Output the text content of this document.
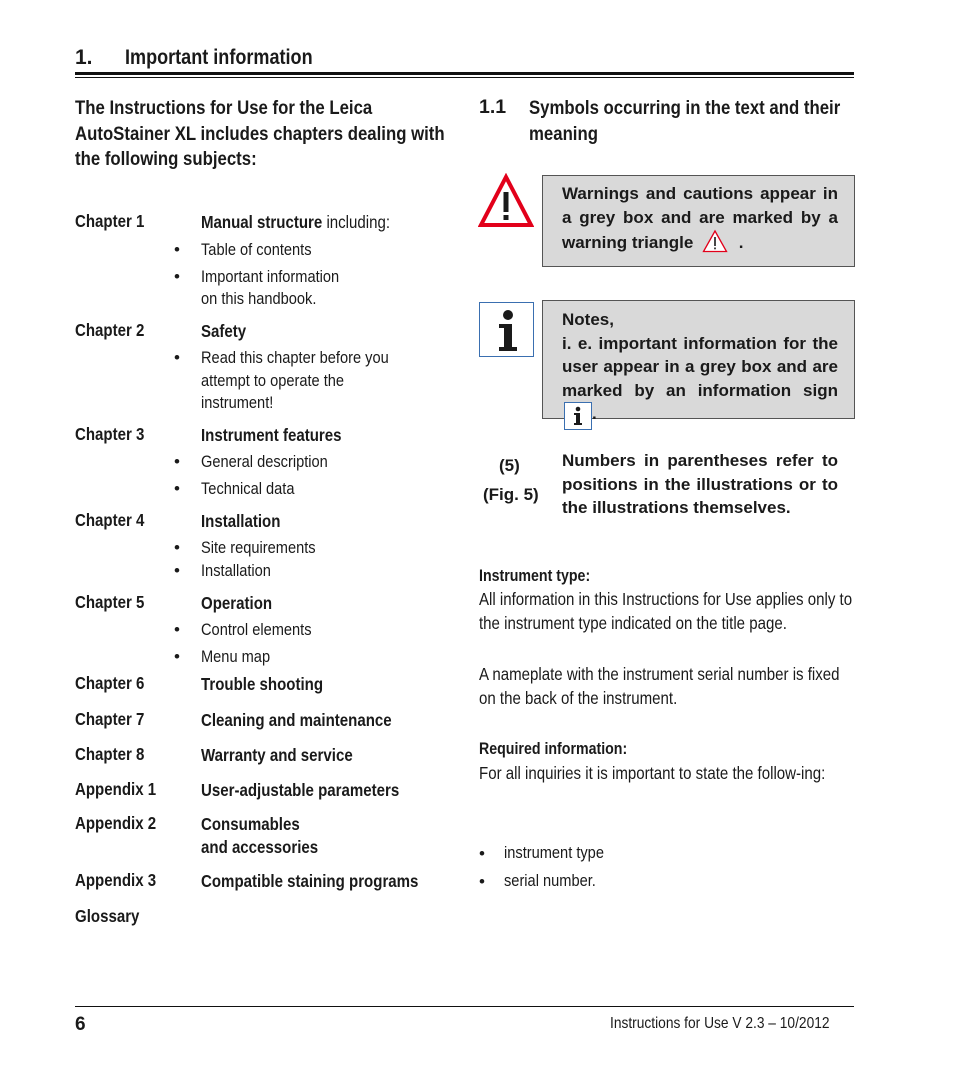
1. Important information
The Instructions for Use for the Leica AutoStainer XL includes chapters dealing with the following subjects:
Chapter 1	Manual structure including:
• Table of contents
• Important information
on this handbook.
Chapter 2	Safety
• Read this chapter before you
attempt to operate the
instrument!
Chapter 3	Instrument features
• General description
• Technical data
Chapter 4	Installation
• Site requirements
• Installation
Chapter 5	Operation
• Control elements
• Menu map
Chapter 6	Trouble shooting
Chapter 7	Cleaning and maintenance
Chapter 8	Warranty and service
Appendix 1	User-adjustable parameters
Appendix 2	Consumables
and accessories
Appendix 3	Compatible staining programs
Glossary
1.1 Symbols occurring in the text and their meaning
Warnings and cautions appear in a grey box and are marked by a warning triangle	.
Notes,
i. e. important information for the user appear in a grey box and are marked by an information sign .
(5)
(Fig. 5)
Numbers in parentheses refer to positions in the illustrations or to the illustrations themselves.
Instrument type:
All information in this Instructions for Use applies only to the instrument type indicated on the title page.
A nameplate with the instrument serial number is fixed on the back of the instrument.
Required information:
For all inquiries it is important to state the follow-ing:
• instrument type
• serial number.
6	Instructions for Use V 2.3 – 10/2012
